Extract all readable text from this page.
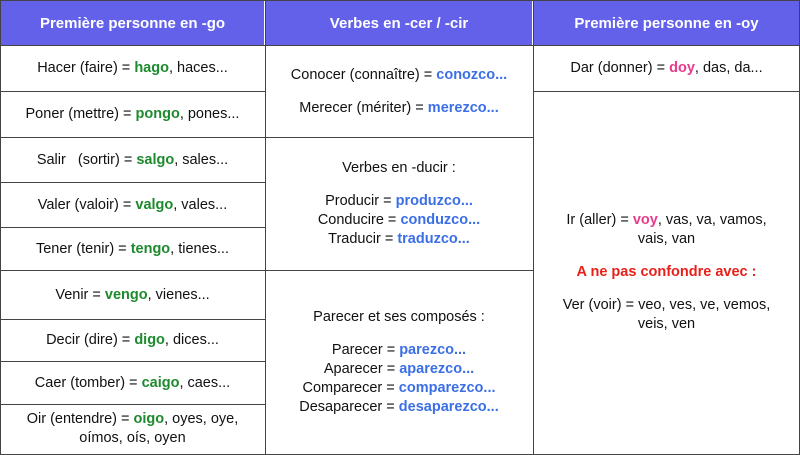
Première personne en -go	Verbes en -cer / -cir	Première personne en -oy
Hacer (faire) = hago, haces...
Poner (mettre) = pongo, pones...
Salir   (sortir) = salgo, sales...
Valer (valoir) = valgo, vales...
Tener (tenir) = tengo, tienes...
Venir = vengo, vienes...
Decir (dire) = digo, dices...
Caer (tomber) = caigo, caes...
Oir (entendre) = oigo, oyes, oye,
oímos, oís, oyen
Conocer (connaître) = conozco...
Merecer (mériter) = merezco...
Verbes en -ducir :
Producir = produzco...
Conducire = conduzco...
Traducir = traduzco...
Parecer et ses composés :
Parecer = parezco...
Aparecer = aparezco...
Comparecer = comparezco...
Desaparecer = desaparezco...
Dar (donner) = doy, das, da...
Ir (aller) = voy, vas, va, vamos,
vais, van
A ne pas confondre avec :
Ver (voir) = veo, ves, ve, vemos,
veis, ven
